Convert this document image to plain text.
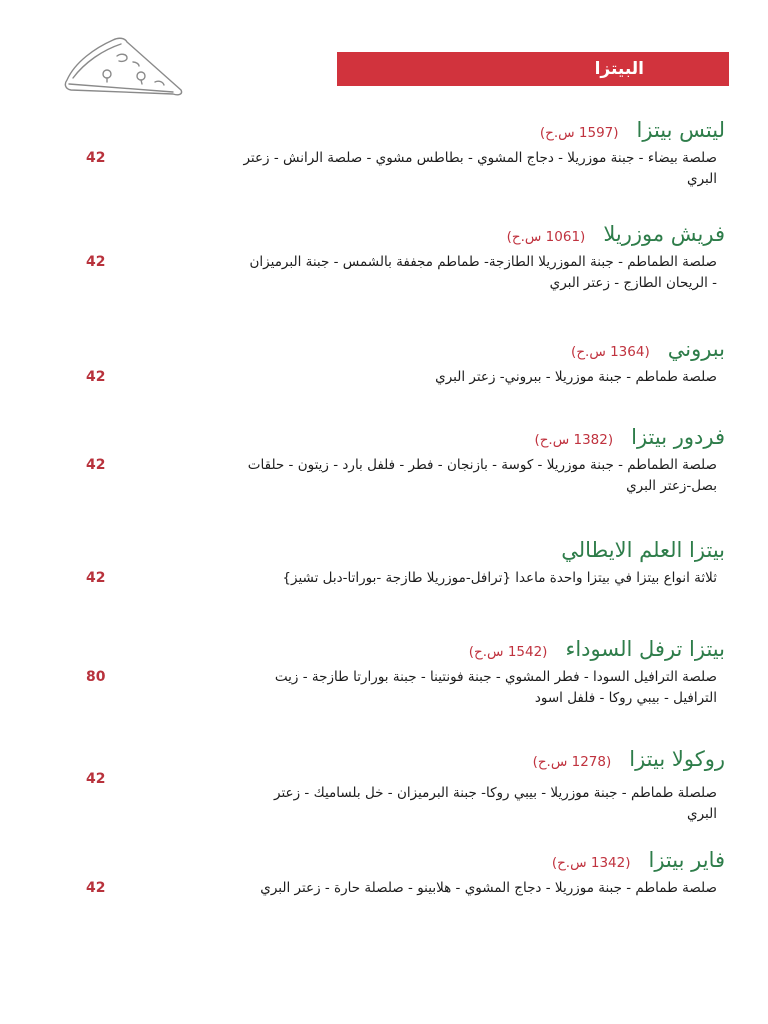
البيتزا
ليتس بيتزا
(1597 س.ح)
42	صلصة بيضاء - جبنة موزريلا - دجاج المشوي - بطاطس مشوي - صلصة الرانش - زعتر البري
فريش موزريلا
(1061 س.ح)
42	صلصة الطماطم - جبنة الموزريلا الطازجة- طماطم مجففة بالشمس - جبنة البرميزان - الريحان الطازج - زعتر البري
ببروني
(1364 س.ح)
42	صلصة طماطم - جبنة موزريلا - ببروني- زعتر البري
فردور بيتزا
(1382 س.ح)
42	صلصة الطماطم - جبنة موزريلا - كوسة - بازنجان - فطر - فلفل بارد - زيتون - حلقات بصل-زعتر البري
بيتزا العلم الايطالي
42	ثلاثة انواع بيتزا في بيتزا واحدة ماعدا {ترافل-موزريلا طازجة -بوراتا-دبل تشيز}
بيتزا ترفل السوداء
(1542 س.ح)
80	صلصة الترافيل السودا - فطر المشوي - جبنة فونتينا - جبنة بورارتا طازجة - زيت الترافيل - بيبي روكا - فلفل اسود
روكولا بيتزا
(1278 س.ح)
42
صلصلة طماطم - جبنة موزريلا - بيبي روكا- جبنة البرميزان - خل بلساميك - زعتر البري
فاير بيتزا
(1342 س.ح)
42	صلصة طماطم - جبنة موزريلا - دجاج المشوي - هلابينو - صلصلة حارة - زعتر البري
